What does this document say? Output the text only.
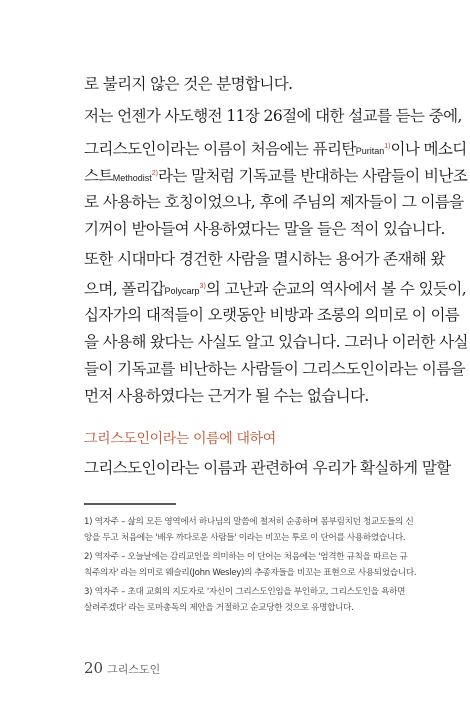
로 불리지 않은 것은 분명합니다.
저는 언젠가 사도행전 11장 26절에 대한 설교를 듣는 중에,
그리스도인이라는 이름이 처음에는 퓨리탄Puritan$^{1)}$이나 메소디
스트Methodist$^{2)}$라는 말처럼 기독교를 반대하는 사람들이 비난조
로 사용하는 호칭이었으나, 후에 주님의 제자들이 그 이름을
기꺼이 받아들여 사용하였다는 말을 들은 적이 있습니다.
또한 시대마다 경건한 사람을 멸시하는 용어가 존재해 왔
으며, 폴리갑Polycarp$^{3)}$의 고난과 순교의 역사에서 볼 수 있듯이,
십자가의 대적들이 오랫동안 비방과 조롱의 의미로 이 이름
을 사용해 왔다는 사실도 알고 있습니다. 그러나 이러한 사실
들이 기독교를 비난하는 사람들이 그리스도인이라는 이름을
먼저 사용하였다는 근거가 될 수는 없습니다.
그리스도인이라는 이름에 대하여
그리스도인이라는 이름과 관련하여 우리가 확실하게 말할
1) 역자주 – 삶의 모든 영역에서 하나님의 말씀에 철저히 순종하며 몸부림치던 청교도들의 신
앙을 두고 처음에는 '배우 까다로운 사람들' 이라는 비꼬는 투로 이 단어를 사용하였습니다.
2) 역자주 – 오늘날에는 감리교인을 의미하는 이 단어는 처음에는 '엄격한 규칙을 따르는 규
칙주의자' 라는 의미로 웨슬리(John Wesley)의 추종자들을 비꼬는 표현으로 사용되었습니다.
3) 역자주 – 초대 교회의 지도자로 '자신이 그리스도인임을 부인하고, 그리스도인을 욕하면
살려주겠다' 라는 로마총독의 제안을 거절하고 순교당한 것으로 유명합니다.
20 그리스도인
